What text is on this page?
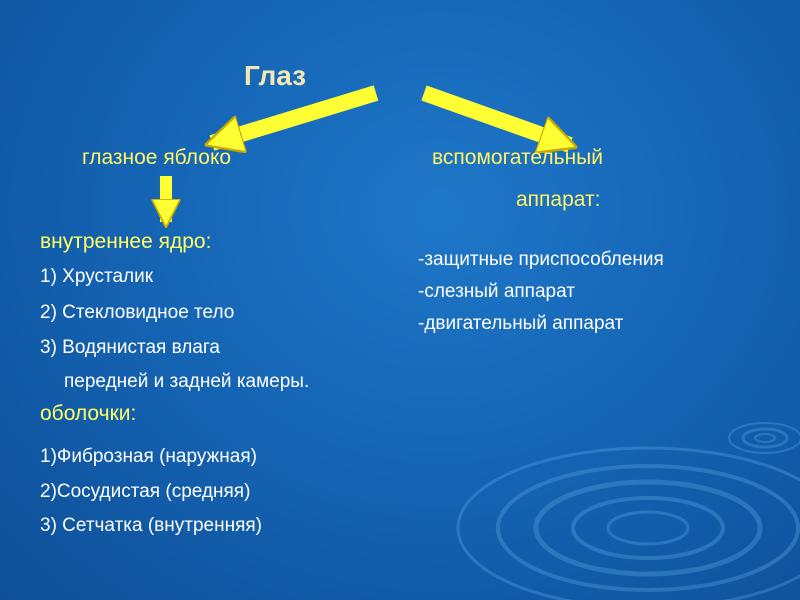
Глаз
глазное яблоко	вспомогательный
аппарат:
внутреннее ядро:
1) Хрусталик
2) Стекловидное тело
3) Водянистая влага
передней и задней камеры.
оболочки:
1)Фиброзная (наружная)
2)Сосудистая (средняя)
3) Сетчатка (внутренняя)
-защитные приспособления
-слезный аппарат
-двигательный аппарат
